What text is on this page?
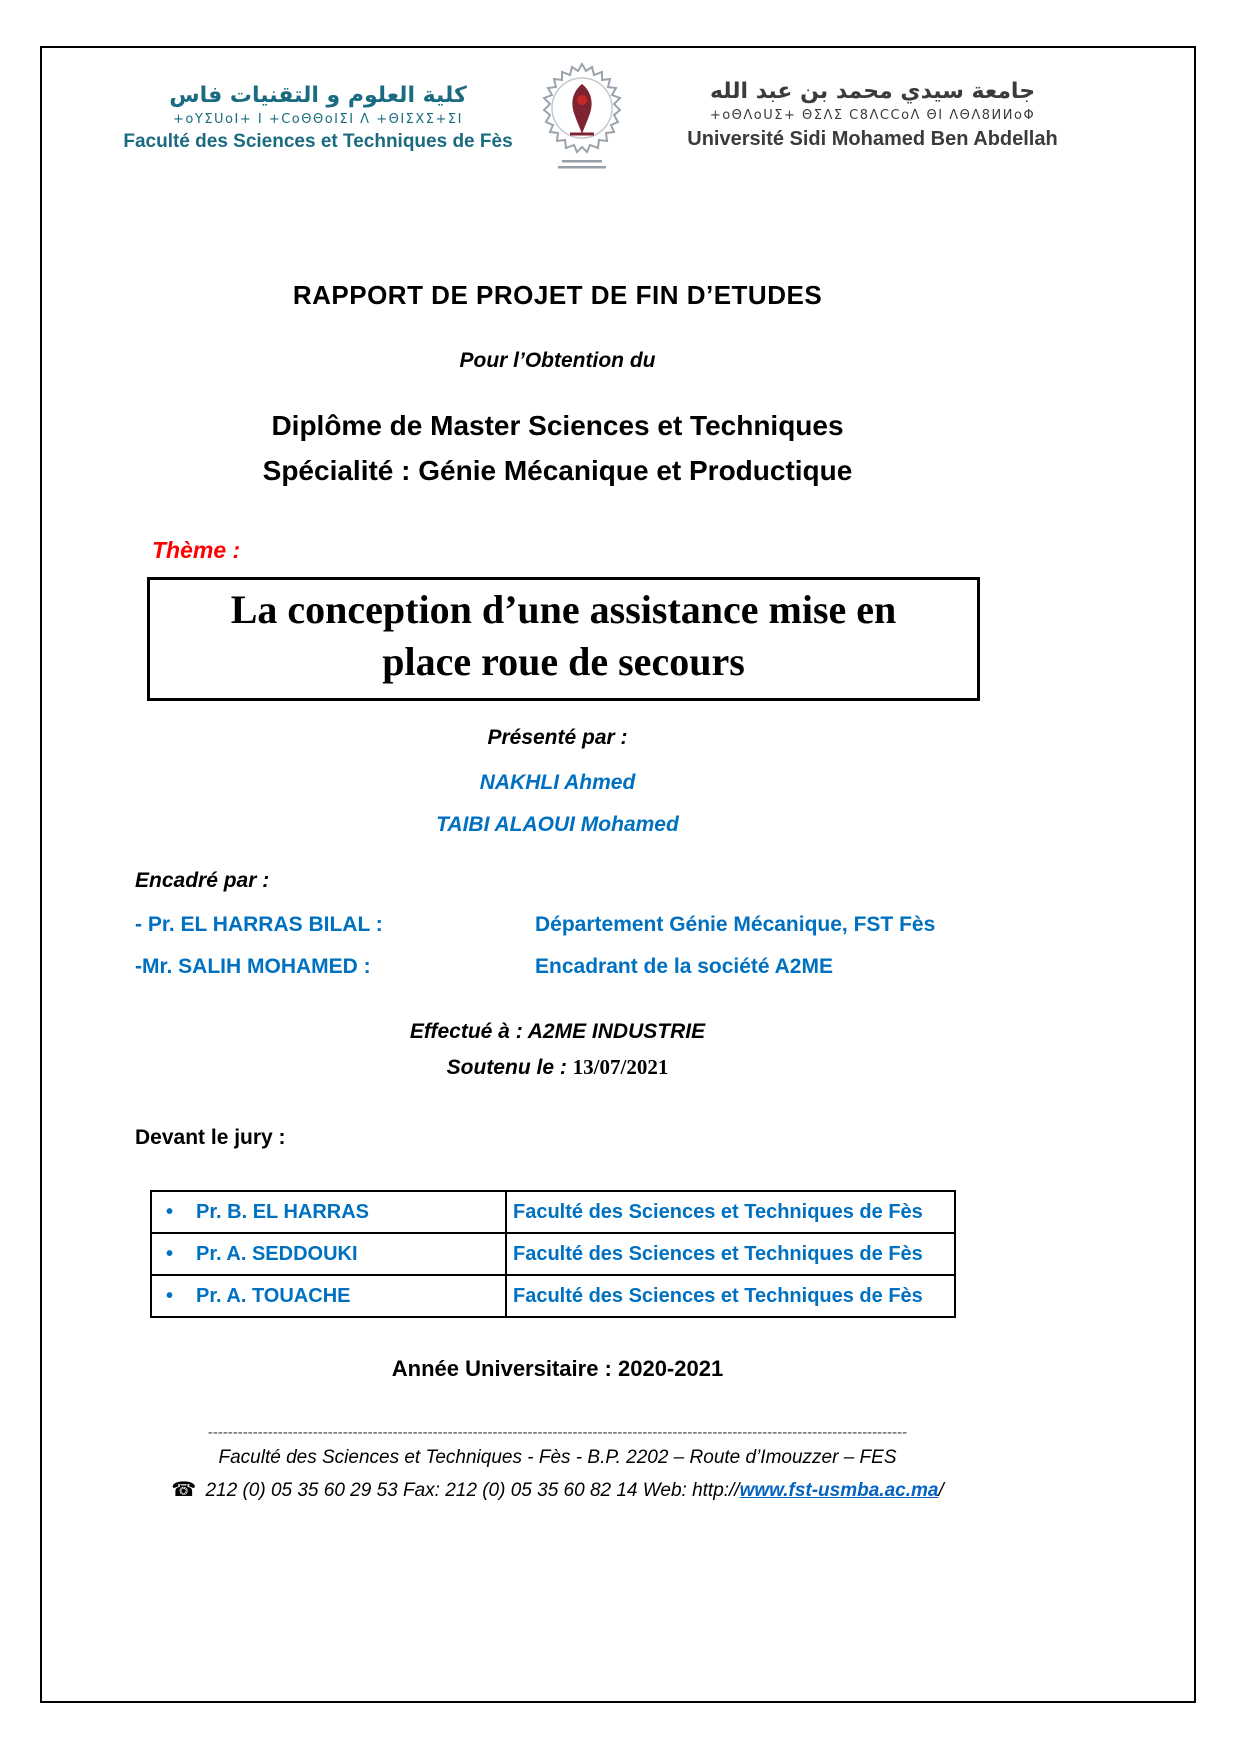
كلية العلوم و التقنيات فاس
+oYΣUoI+ I +CoΘΘoIΣI Λ +ΘIΣXΣ+ΣI
Faculté des Sciences et Techniques de Fès
جامعة سيدي محمد بن عبد الله
+oΘΛoUΣ+ ΘΣΛΣ C8ΛCCoΛ ΘI ΛΘΛ8ИИoΦ
Université Sidi Mohamed Ben Abdellah
RAPPORT DE PROJET DE FIN D’ETUDES
Pour l’Obtention du
Diplôme de Master Sciences et Techniques
Spécialité : Génie Mécanique et Productique
Thème :
La conception d’une assistance mise en
place roue de secours
Présenté par :
NAKHLI Ahmed
TAIBI ALAOUI Mohamed
Encadré par :
- Pr. EL HARRAS BILAL :	Département Génie Mécanique, FST Fès
-Mr. SALIH MOHAMED :	Encadrant de la société A2ME
Effectué à : A2ME INDUSTRIE
Soutenu le : 13/07/2021
Devant le jury :
• Pr. B. EL HARRAS	Faculté des Sciences et Techniques de Fès
• Pr. A. SEDDOUKI	Faculté des Sciences et Techniques de Fès
• Pr. A. TOUACHE	Faculté des Sciences et Techniques de Fès
Année Universitaire : 2020-2021
--------------------------------------------------------------------------------------------------------------------------------------------
Faculté des Sciences et Techniques - Fès - B.P. 2202 – Route d’Imouzzer – FES
☎ 212 (0) 05 35 60 29 53 Fax: 212 (0) 05 35 60 82 14 Web: http://www.fst-usmba.ac.ma/
